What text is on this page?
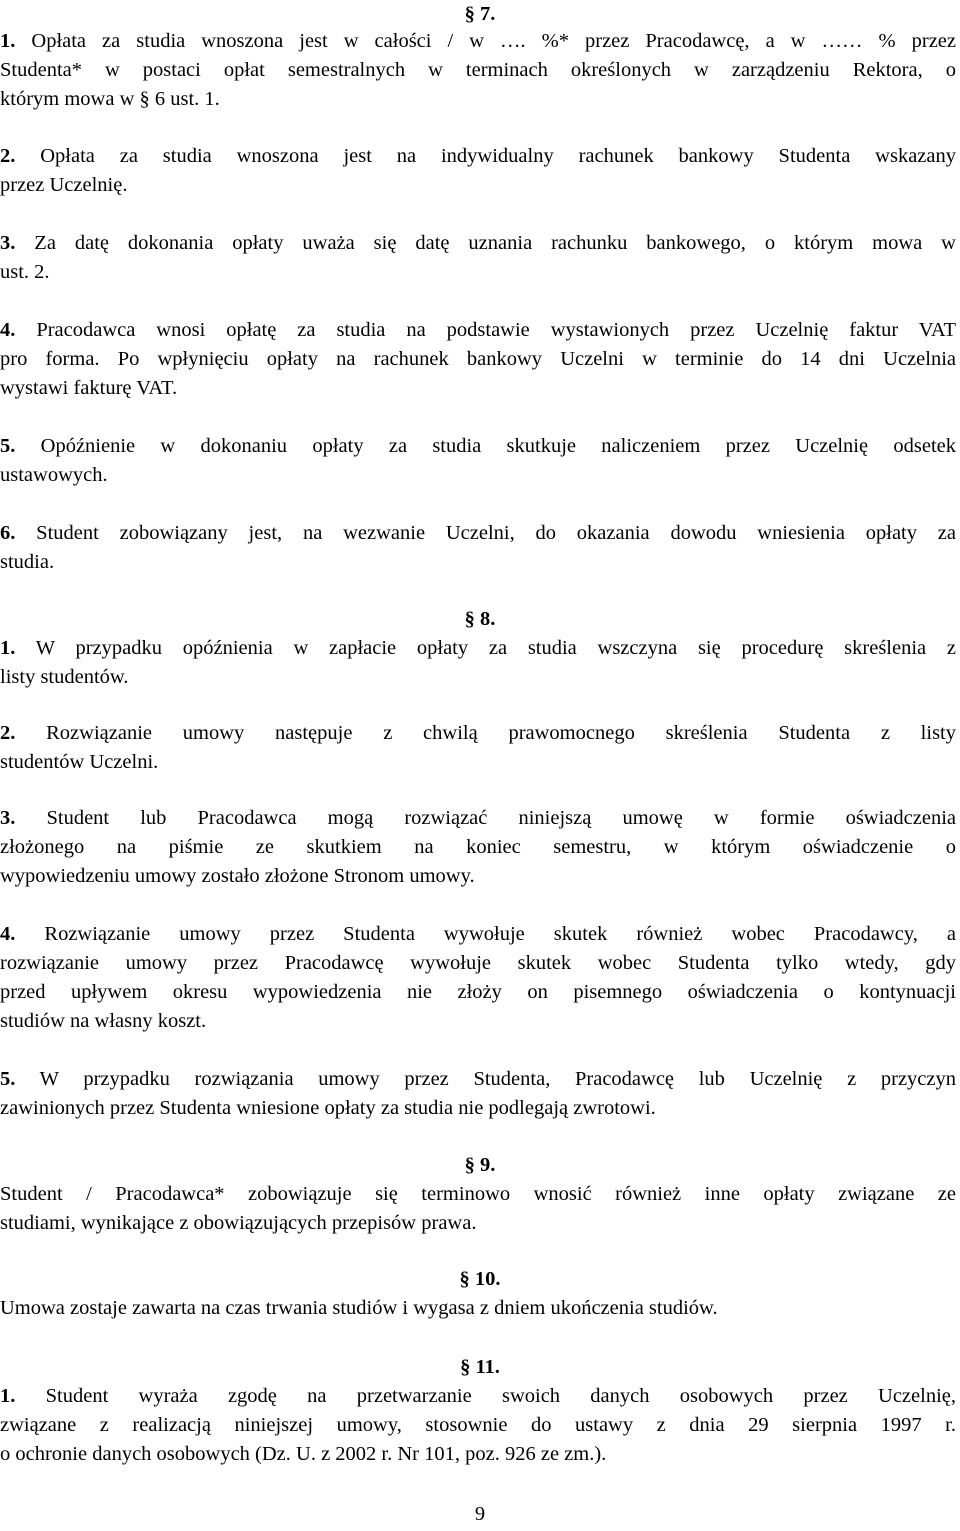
§ 7.
1. Opłata za studia wnoszona jest w całości / w …. %* przez Pracodawcę, a w …… % przez
Studenta* w postaci opłat semestralnych w terminach określonych w zarządzeniu Rektora, o
którym mowa w § 6 ust. 1.
2. Opłata za studia wnoszona jest na indywidualny rachunek bankowy Studenta wskazany
przez Uczelnię.
3. Za datę dokonania opłaty uważa się datę uznania rachunku bankowego, o którym mowa w
ust. 2.
4. Pracodawca wnosi opłatę za studia na podstawie wystawionych przez Uczelnię faktur VAT
pro forma. Po wpłynięciu opłaty na rachunek bankowy Uczelni w terminie do 14 dni Uczelnia
wystawi fakturę VAT.
5. Opóźnienie w dokonaniu opłaty za studia skutkuje naliczeniem przez Uczelnię odsetek
ustawowych.
6. Student zobowiązany jest, na wezwanie Uczelni, do okazania dowodu wniesienia opłaty za
studia.
§ 8.
1. W przypadku opóźnienia w zapłacie opłaty za studia wszczyna się procedurę skreślenia z
listy studentów.
2. Rozwiązanie umowy następuje z chwilą prawomocnego skreślenia Studenta z listy
studentów Uczelni.
3. Student lub Pracodawca mogą rozwiązać niniejszą umowę w formie oświadczenia
złożonego na piśmie ze skutkiem na koniec semestru, w którym oświadczenie o
wypowiedzeniu umowy zostało złożone Stronom umowy.
4. Rozwiązanie umowy przez Studenta wywołuje skutek również wobec Pracodawcy, a
rozwiązanie umowy przez Pracodawcę wywołuje skutek wobec Studenta tylko wtedy, gdy
przed upływem okresu wypowiedzenia nie złoży on pisemnego oświadczenia o kontynuacji
studiów na własny koszt.
5. W przypadku rozwiązania umowy przez Studenta, Pracodawcę lub Uczelnię z przyczyn
zawinionych przez Studenta wniesione opłaty za studia nie podlegają zwrotowi.
§ 9.
Student / Pracodawca* zobowiązuje się terminowo wnosić również inne opłaty związane ze
studiami, wynikające z obowiązujących przepisów prawa.
§ 10.
Umowa zostaje zawarta na czas trwania studiów i wygasa z dniem ukończenia studiów.
§ 11.
1. Student wyraża zgodę na przetwarzanie swoich danych osobowych przez Uczelnię,
związane z realizacją niniejszej umowy, stosownie do ustawy z dnia 29 sierpnia 1997 r.
o ochronie danych osobowych (Dz. U. z 2002 r. Nr 101, poz. 926 ze zm.).
9
